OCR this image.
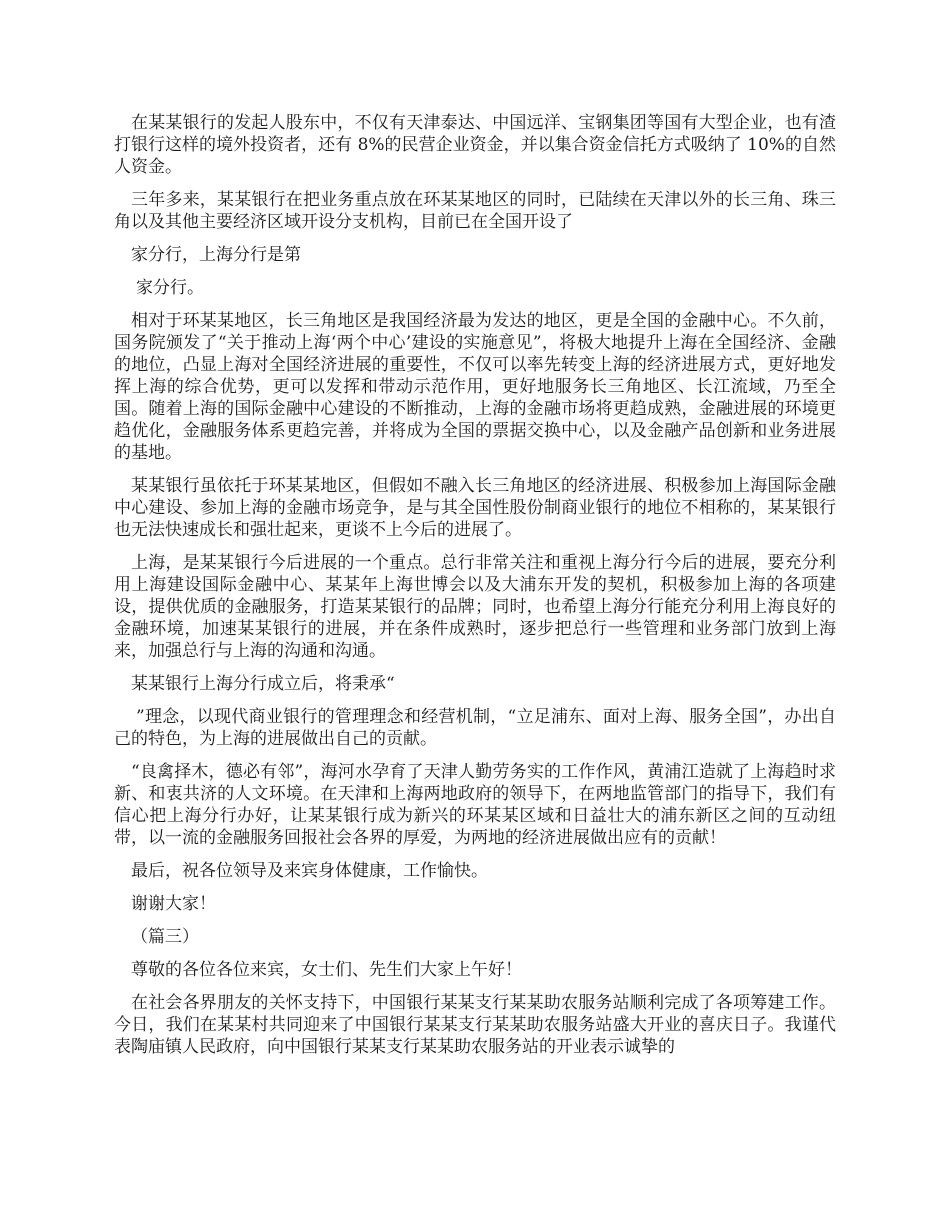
在某某银行的发起人股东中，不仅有天津泰达、中国远洋、宝钢集团等国有大型企业，也有渣打银行这样的境外投资者，还有 8%的民营企业资金，并以集合资金信托方式吸纳了 10%的自然人资金。

三年多来，某某银行在把业务重点放在环某某地区的同时，已陆续在天津以外的长三角、珠三角以及其他主要经济区域开设分支机构，目前已在全国开设了

家分行，上海分行是第

家分行。

相对于环某某地区，长三角地区是我国经济最为发达的地区，更是全国的金融中心。不久前，国务院颁发了“关于推动上海‘两个中心’建设的实施意见”，将极大地提升上海在全国经济、金融的地位，凸显上海对全国经济进展的重要性，不仅可以率先转变上海的经济进展方式，更好地发挥上海的综合优势，更可以发挥和带动示范作用，更好地服务长三角地区、长江流域，乃至全国。随着上海的国际金融中心建设的不断推动，上海的金融市场将更趋成熟，金融进展的环境更趋优化，金融服务体系更趋完善，并将成为全国的票据交换中心，以及金融产品创新和业务进展的基地。

某某银行虽依托于环某某地区，但假如不融入长三角地区的经济进展、积极参加上海国际金融中心建设、参加上海的金融市场竞争，是与其全国性股份制商业银行的地位不相称的，某某银行也无法快速成长和强壮起来，更谈不上今后的进展了。

上海，是某某银行今后进展的一个重点。总行非常关注和重视上海分行今后的进展，要充分利用上海建设国际金融中心、某某年上海世博会以及大浦东开发的契机，积极参加上海的各项建设，提供优质的金融服务，打造某某银行的品牌；同时，也希望上海分行能充分利用上海良好的金融环境，加速某某银行的进展，并在条件成熟时，逐步把总行一些管理和业务部门放到上海来，加强总行与上海的沟通和沟通。

某某银行上海分行成立后，将秉承“

”理念，以现代商业银行的管理理念和经营机制，“立足浦东、面对上海、服务全国”，办出自己的特色，为上海的进展做出自己的贡献。

“良禽择木，德必有邻”，海河水孕育了天津人勤劳务实的工作作风，黄浦江造就了上海趋时求新、和衷共济的人文环境。在天津和上海两地政府的领导下，在两地监管部门的指导下，我们有信心把上海分行办好，让某某银行成为新兴的环某某区域和日益壮大的浦东新区之间的互动纽带，以一流的金融服务回报社会各界的厚爱，为两地的经济进展做出应有的贡献！

最后，祝各位领导及来宾身体健康，工作愉快。

谢谢大家！

（篇三）

尊敬的各位各位来宾，女士们、先生们大家上午好！

在社会各界朋友的关怀支持下，中国银行某某支行某某助农服务站顺利完成了各项筹建工作。今日，我们在某某村共同迎来了中国银行某某支行某某助农服务站盛大开业的喜庆日子。我谨代表陶庙镇人民政府，向中国银行某某支行某某助农服务站的开业表示诚挚的
